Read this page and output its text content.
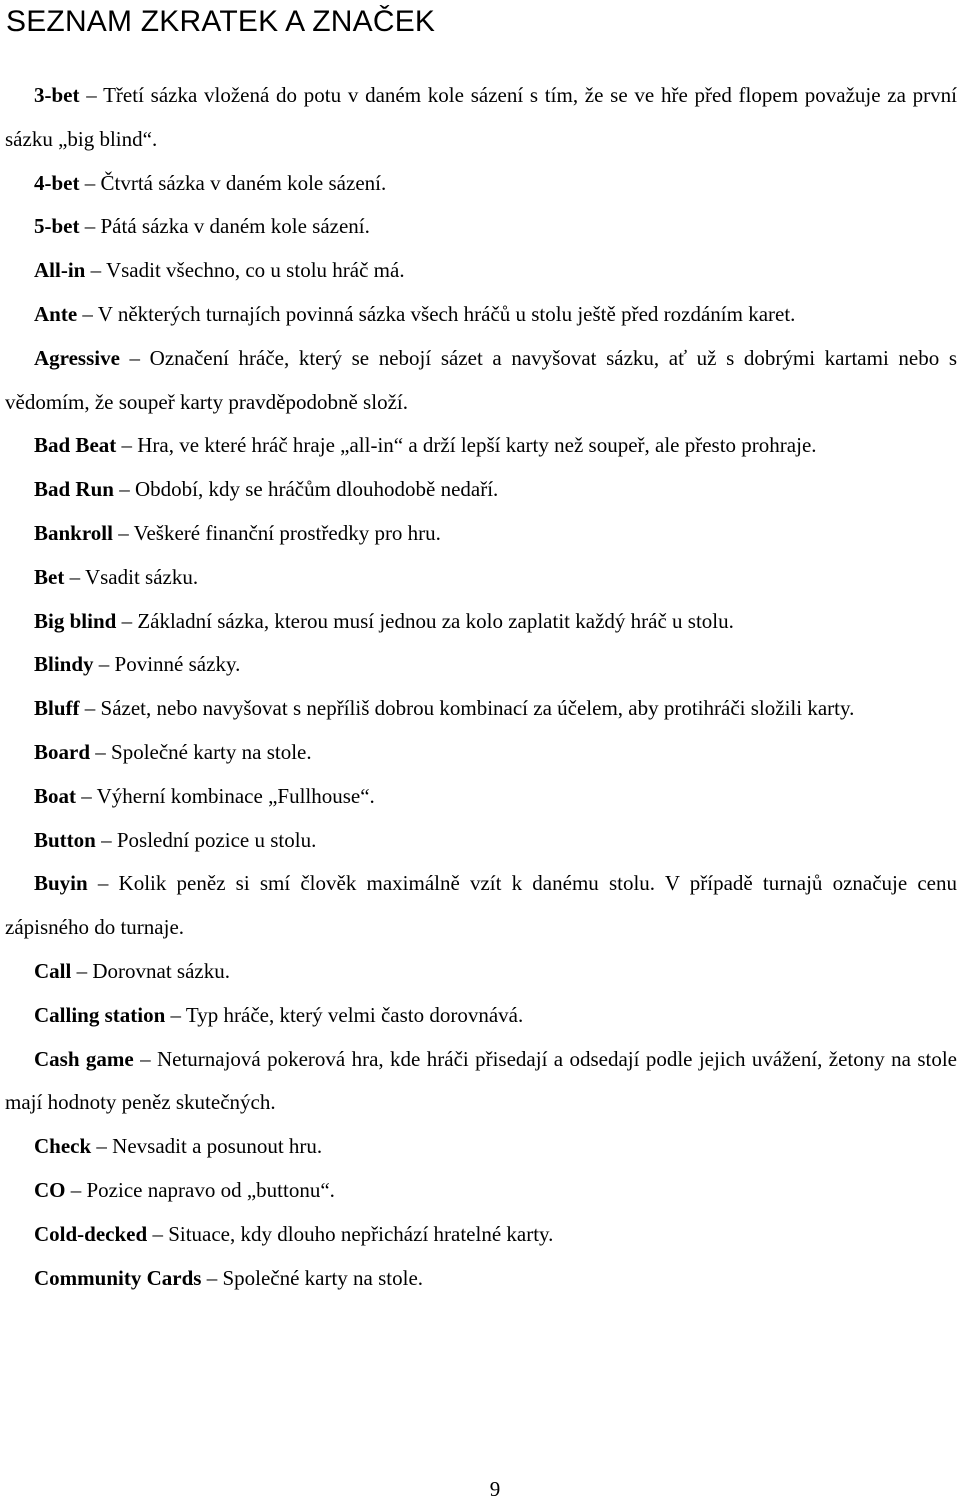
SEZNAM ZKRATEK A ZNAČEK

3-bet – Třetí sázka vložená do potu v daném kole sázení s tím, že se ve hře před flopem považuje za první sázku „big blind“.

4-bet – Čtvrtá sázka v daném kole sázení.

5-bet – Pátá sázka v daném kole sázení.

All-in – Vsadit všechno, co u stolu hráč má.

Ante – V některých turnajích povinná sázka všech hráčů u stolu ještě před rozdáním karet.

Agressive – Označení hráče, který se nebojí sázet a navyšovat sázku, ať už s dobrými kartami nebo s vědomím, že soupeř karty pravděpodobně složí.

Bad Beat – Hra, ve které hráč hraje „all-in“ a drží lepší karty než soupeř, ale přesto prohraje.

Bad Run – Období, kdy se hráčům dlouhodobě nedaří.

Bankroll – Veškeré finanční prostředky pro hru.

Bet – Vsadit sázku.

Big blind – Základní sázka, kterou musí jednou za kolo zaplatit každý hráč u stolu.

Blindy – Povinné sázky.

Bluff – Sázet, nebo navyšovat s nepříliš dobrou kombinací za účelem, aby protihráči složili karty.

Board – Společné karty na stole.

Boat – Výherní kombinace „Fullhouse“.

Button – Poslední pozice u stolu.

Buyin – Kolik peněz si smí člověk maximálně vzít k danému stolu. V případě turnajů označuje cenu zápisného do turnaje.

Call – Dorovnat sázku.

Calling station – Typ hráče, který velmi často dorovnává.

Cash game – Neturnajová pokerová hra, kde hráči přisedají a odsedají podle jejich uvážení, žetony na stole mají hodnoty peněz skutečných.

Check – Nevsadit a posunout hru.

CO – Pozice napravo od „buttonu“.

Cold-decked – Situace, kdy dlouho nepřichází hratelné karty.

Community Cards – Společné karty na stole.

9
